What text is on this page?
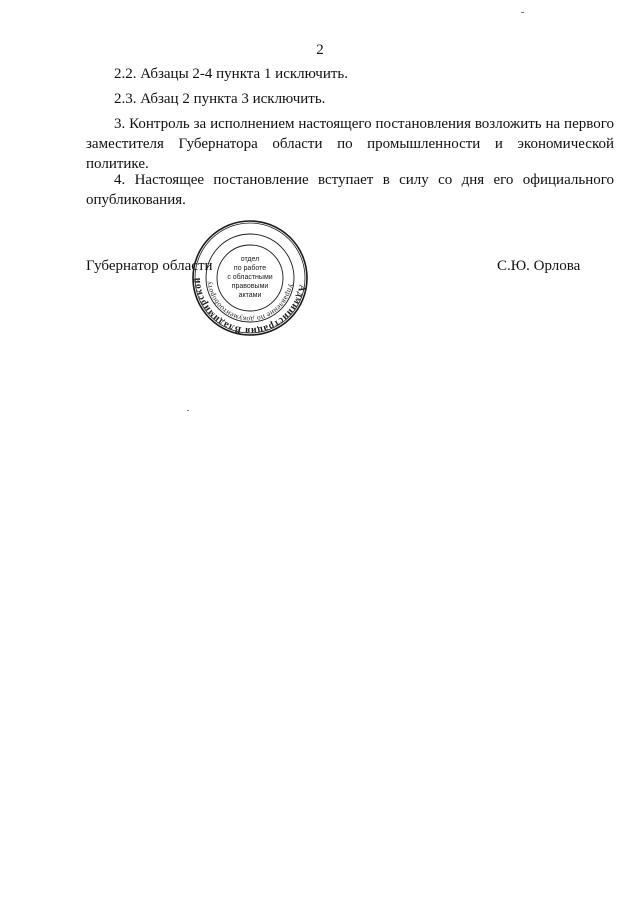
2

2.2. Абзацы 2-4 пункта 1 исключить.

2.3. Абзац 2 пункта 3 исключить.

3. Контроль за исполнением настоящего постановления возложить на первого заместителя Губернатора области по промышленности и экономической политике.

4. Настоящее постановление вступает в силу со дня его официального опубликования.

Губернатор области	С.Ю. Орлова
Администрация Владимирской
Управление по документообороту
отдел
по работе
с областными
правовыми
актами
